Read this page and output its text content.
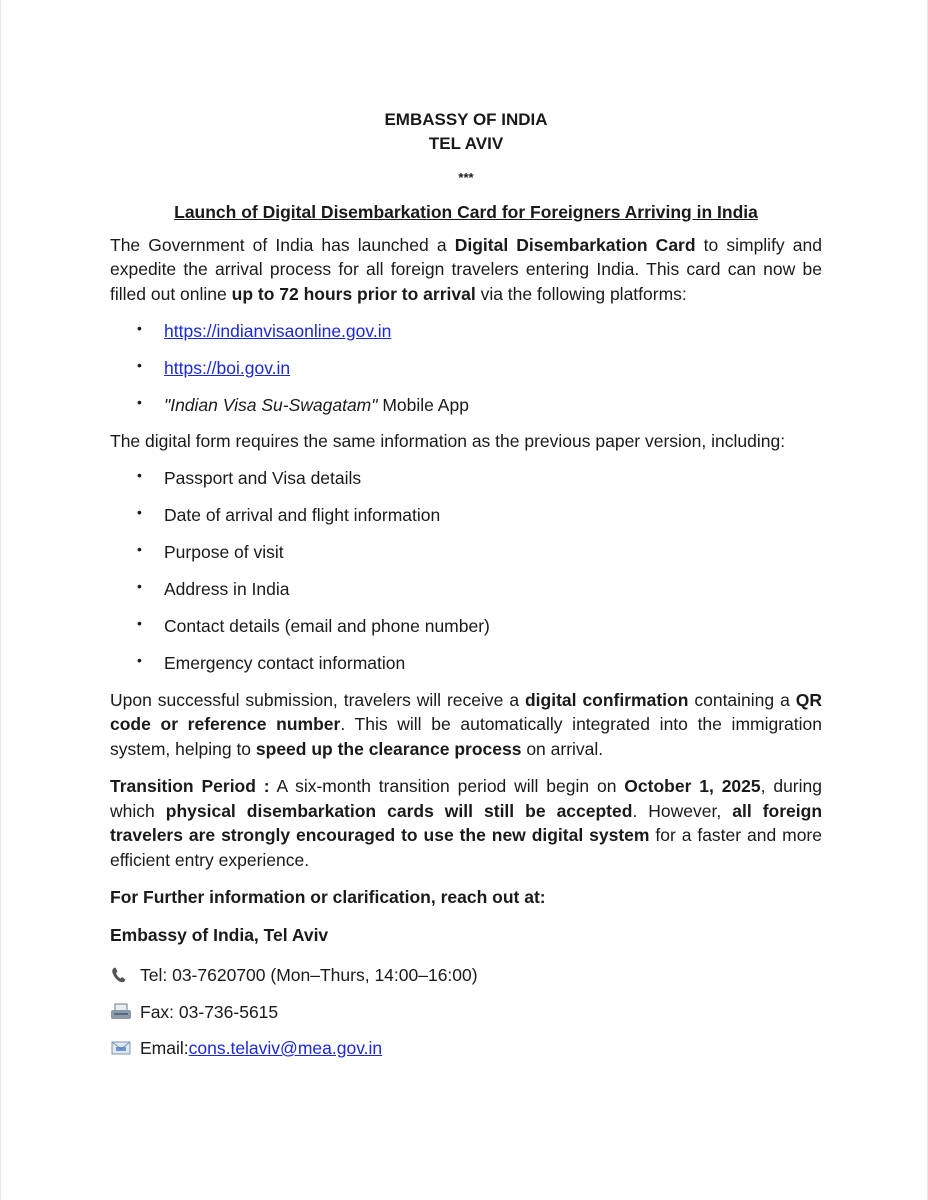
EMBASSY OF INDIA
TEL AVIV
***
Launch of Digital Disembarkation Card for Foreigners Arriving in India

The Government of India has launched a Digital Disembarkation Card to simplify and expedite the arrival process for all foreign travelers entering India. This card can now be filled out online up to 72 hours prior to arrival via the following platforms:

• https://indianvisaonline.gov.in
• https://boi.gov.in
• "Indian Visa Su-Swagatam" Mobile App

The digital form requires the same information as the previous paper version, including:

• Passport and Visa details
• Date of arrival and flight information
• Purpose of visit
• Address in India
• Contact details (email and phone number)
• Emergency contact information

Upon successful submission, travelers will receive a digital confirmation containing a QR code or reference number. This will be automatically integrated into the immigration system, helping to speed up the clearance process on arrival.

Transition Period : A six-month transition period will begin on October 1, 2025, during which physical disembarkation cards will still be accepted. However, all foreign travelers are strongly encouraged to use the new digital system for a faster and more efficient entry experience.

For Further information or clarification, reach out at:

Embassy of India, Tel Aviv

Tel: 03-7620700 (Mon–Thurs, 14:00–16:00)
Fax: 03-736-5615
Email: cons.telaviv@mea.gov.in
